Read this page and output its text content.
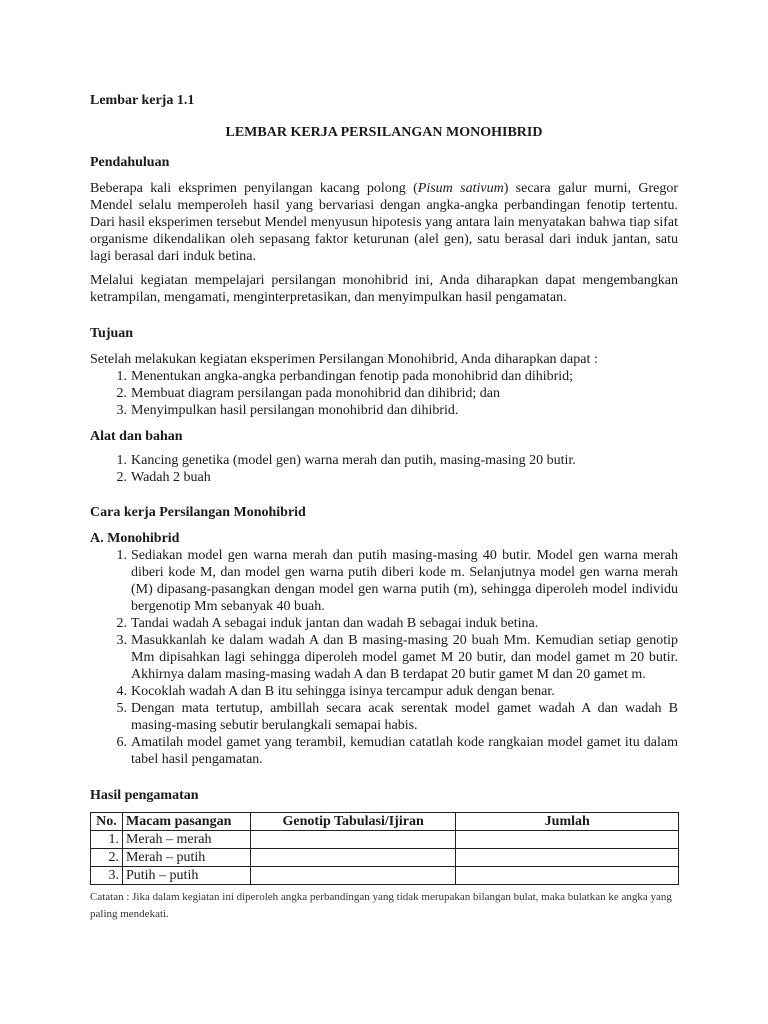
Lembar kerja 1.1
LEMBAR KERJA PERSILANGAN MONOHIBRID
Pendahuluan
Beberapa kali eksprimen penyilangan kacang polong (Pisum sativum) secara galur murni, Gregor Mendel selalu memperoleh hasil yang bervariasi dengan angka-angka perbandingan fenotip tertentu. Dari hasil eksperimen tersebut Mendel menyusun hipotesis yang antara lain menyatakan bahwa tiap sifat organisme dikendalikan oleh sepasang faktor keturunan (alel gen), satu berasal dari induk jantan, satu lagi berasal dari induk betina.
Melalui kegiatan mempelajari persilangan monohibrid ini, Anda diharapkan dapat mengembangkan ketrampilan, mengamati, menginterpretasikan, dan menyimpulkan hasil pengamatan.
Tujuan
Setelah melakukan kegiatan eksperimen Persilangan Monohibrid, Anda diharapkan dapat :
1. Menentukan angka-angka perbandingan fenotip pada monohibrid dan dihibrid;
2. Membuat diagram persilangan pada monohibrid dan dihibrid; dan
3. Menyimpulkan hasil persilangan monohibrid dan dihibrid.
Alat dan bahan
1. Kancing genetika (model gen) warna merah dan putih, masing-masing 20 butir.
2. Wadah 2 buah
Cara kerja Persilangan Monohibrid
A. Monohibrid
1. Sediakan model gen warna merah dan putih masing-masing 40 butir. Model gen warna merah diberi kode M, dan model gen warna putih diberi kode m. Selanjutnya model gen warna merah (M) dipasang-pasangkan dengan model gen warna putih (m), sehingga diperoleh model individu bergenotip Mm sebanyak 40 buah.
2. Tandai wadah A sebagai induk jantan dan wadah B sebagai induk betina.
3. Masukkanlah ke dalam wadah A dan B masing-masing 20 buah Mm. Kemudian setiap genotip Mm dipisahkan lagi sehingga diperoleh model gamet M 20 butir, dan model gamet m 20 butir. Akhirnya dalam masing-masing wadah A dan B terdapat 20 butir gamet M dan 20 gamet m.
4. Kocoklah wadah A dan B itu sehingga isinya tercampur aduk dengan benar.
5. Dengan mata tertutup, ambillah secara acak serentak model gamet wadah A dan wadah B masing-masing sebutir berulangkali semapai habis.
6. Amatilah model gamet yang terambil, kemudian catatlah kode rangkaian model gamet itu dalam tabel hasil pengamatan.
Hasil pengamatan
No.	Macam pasangan	Genotip Tabulasi/Ijiran	Jumlah
1.	Merah – merah		
2.	Merah – putih		
3.	Putih – putih		
Catatan : Jika dalam kegiatan ini diperoleh angka perbandingan yang tidak merupakan bilangan bulat, maka bulatkan ke angka yang paling mendekati.
